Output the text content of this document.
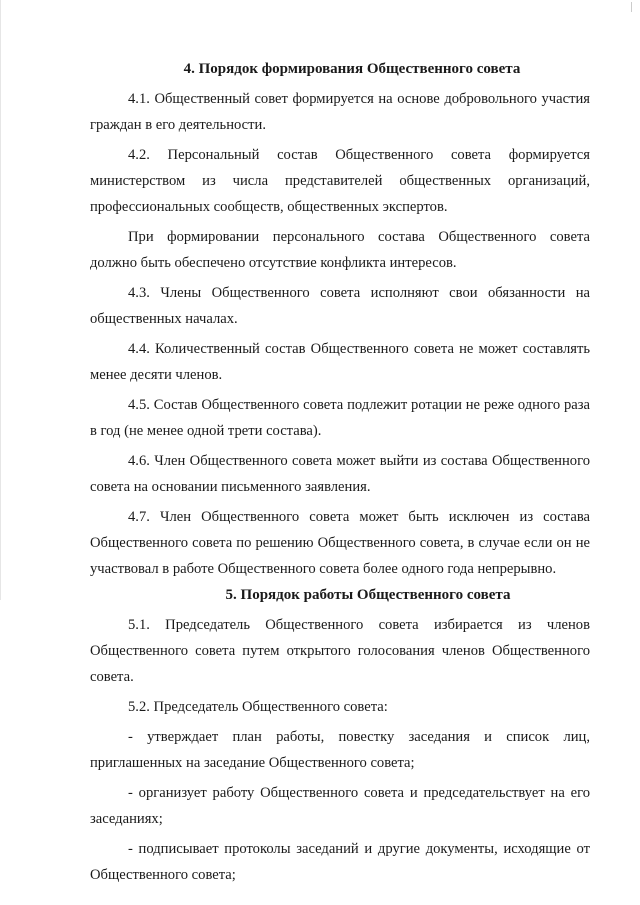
4. Порядок формирования Общественного совета

4.1. Общественный совет формируется на основе добровольного участия граждан в его деятельности.

4.2. Персональный состав Общественного совета формируется министерством из числа представителей общественных организаций, профессиональных сообществ, общественных экспертов.

При формировании персонального состава Общественного совета должно быть обеспечено отсутствие конфликта интересов.

4.3. Члены Общественного совета исполняют свои обязанности на общественных началах.

4.4. Количественный состав Общественного совета не может составлять менее десяти членов.

4.5. Состав Общественного совета подлежит ротации не реже одного раза в год (не менее одной трети состава).

4.6. Член Общественного совета может выйти из состава Общественного совета на основании письменного заявления.

4.7. Член Общественного совета может быть исключен из состава Общественного совета по решению Общественного совета, в случае если он не участвовал в работе Общественного совета более одного года непрерывно.

5. Порядок работы Общественного совета

5.1. Председатель Общественного совета избирается из членов Общественного совета путем открытого голосования членов Общественного совета.

5.2. Председатель Общественного совета:

- утверждает план работы, повестку заседания и список лиц, приглашенных на заседание Общественного совета;

- организует работу Общественного совета и председательствует на его заседаниях;

- подписывает протоколы заседаний и другие документы, исходящие от Общественного совета;
